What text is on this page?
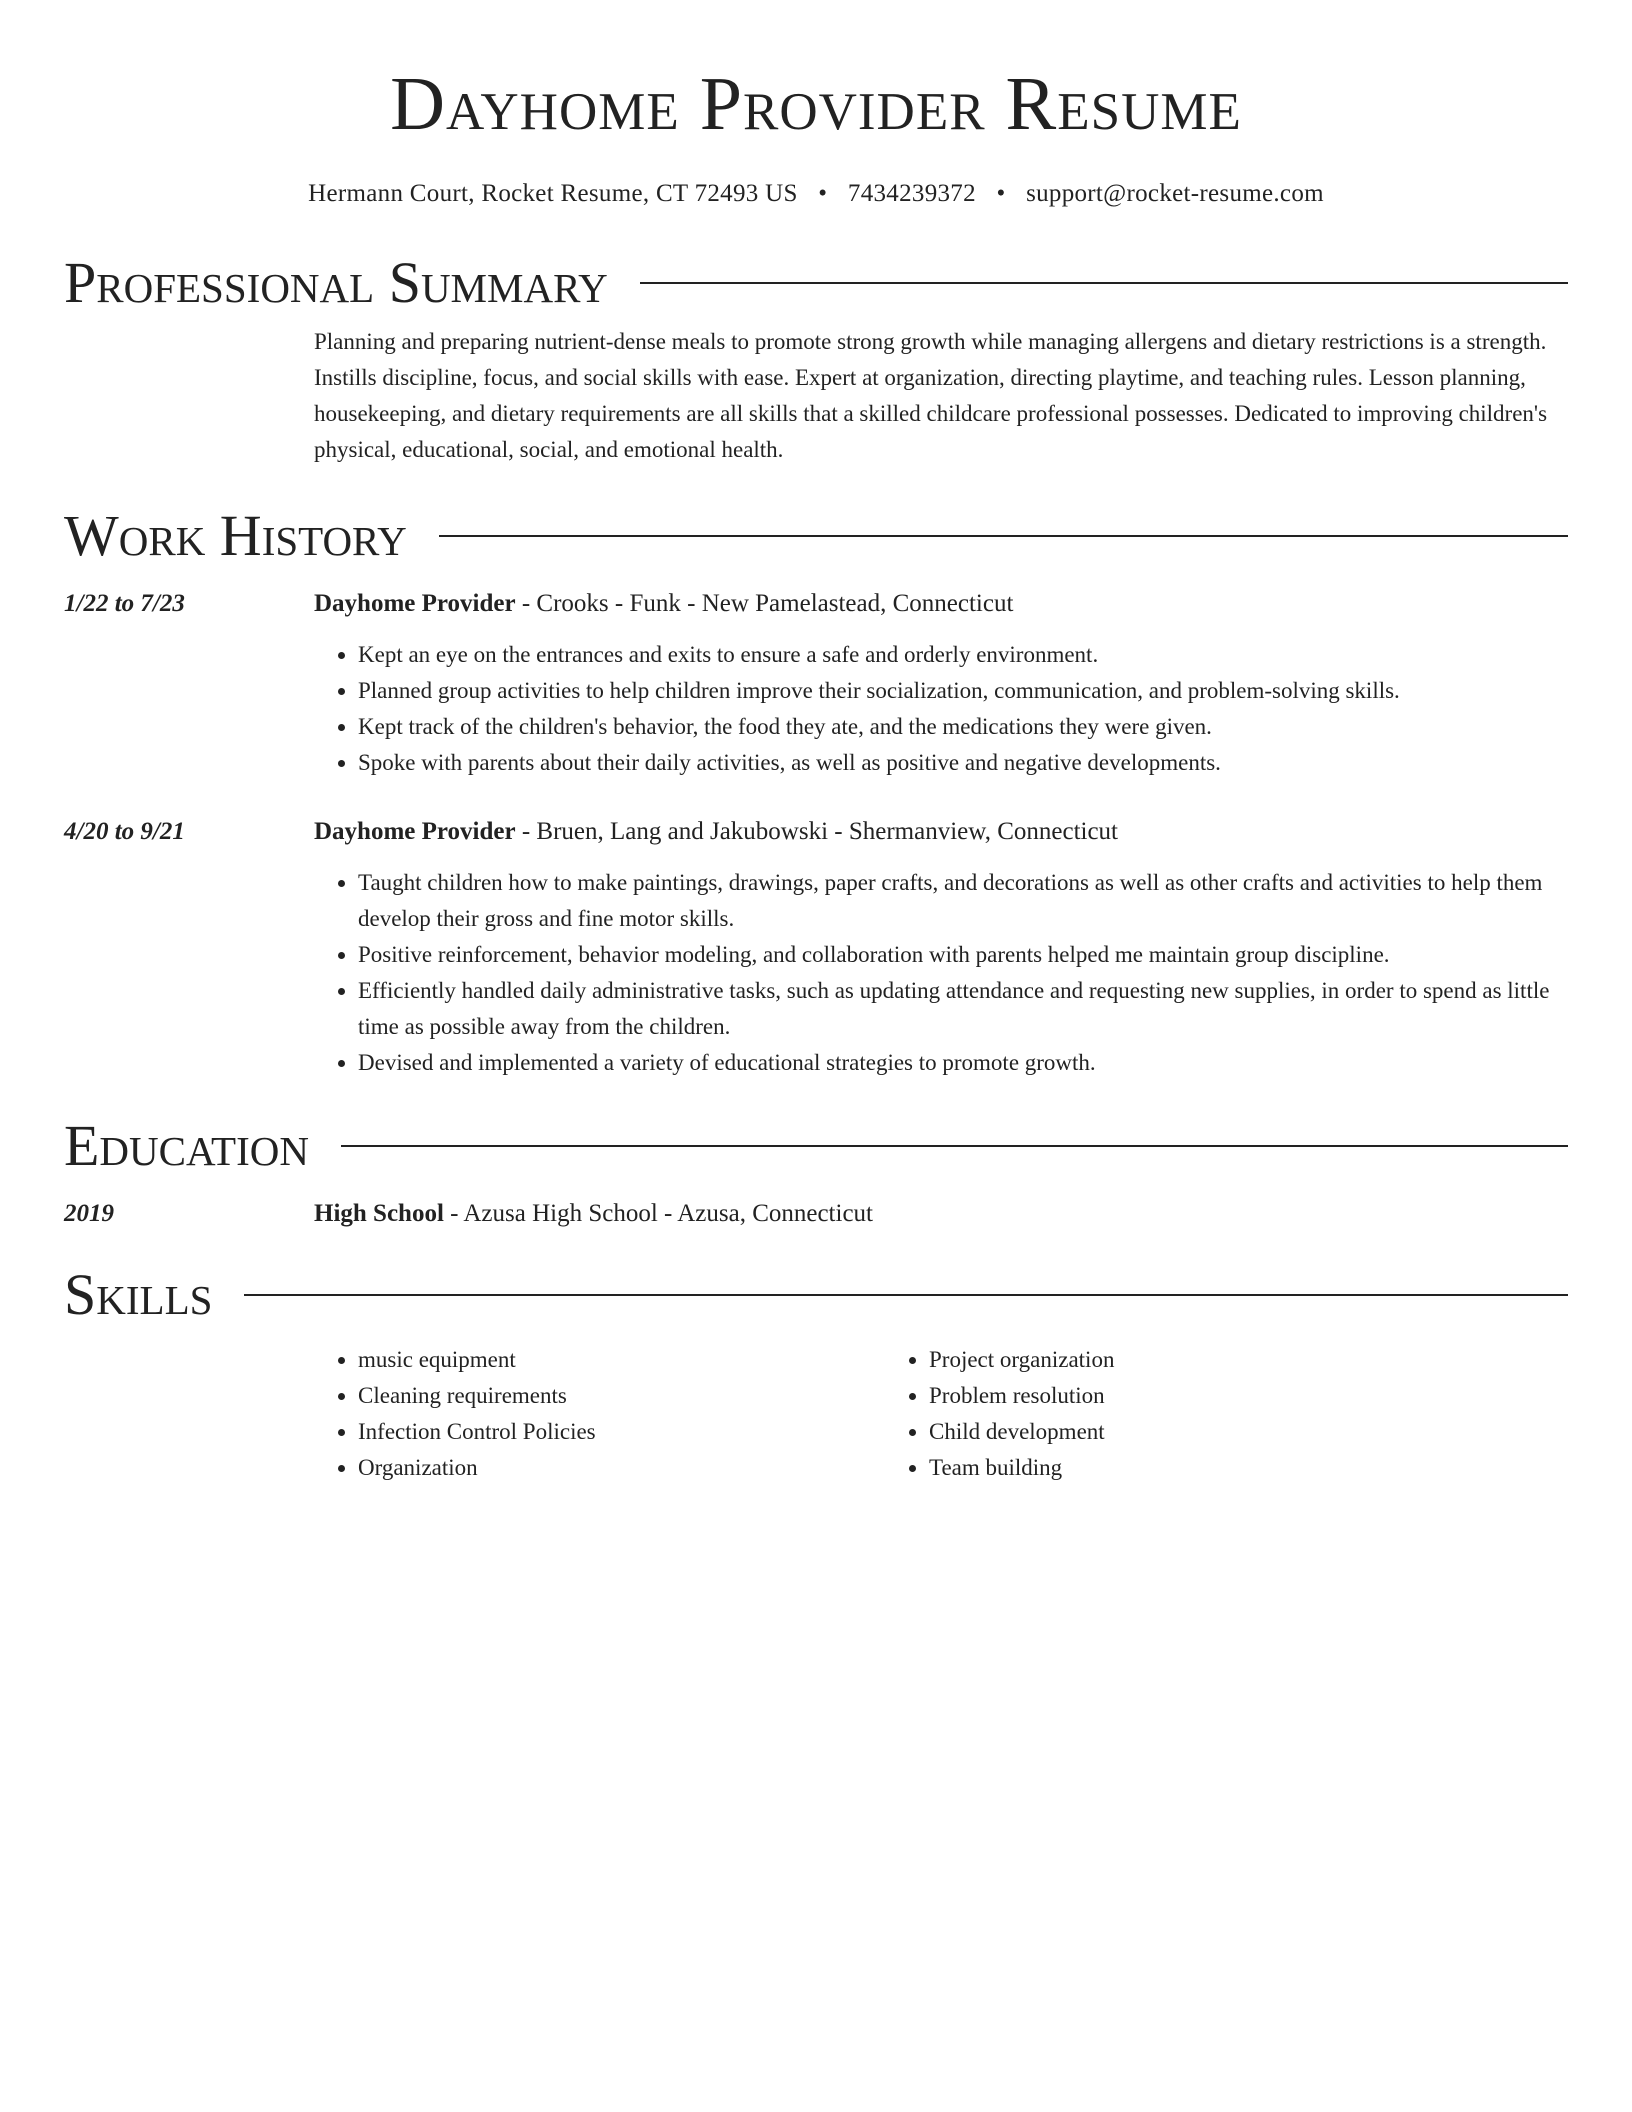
Dayhome Provider Resume
Hermann Court, Rocket Resume, CT 72493 US • 7434239372 • support@rocket-resume.com
Professional Summary

Planning and preparing nutrient-dense meals to promote strong growth while managing allergens and dietary restrictions is a strength. Instills discipline, focus, and social skills with ease. Expert at organization, directing playtime, and teaching rules. Lesson planning, housekeeping, and dietary requirements are all skills that a skilled childcare professional possesses. Dedicated to improving children's physical, educational, social, and emotional health.

Work History
1/22 to 7/23	Dayhome Provider - Crooks - Funk - New Pamelastead, Connecticut
• Kept an eye on the entrances and exits to ensure a safe and orderly environment.
• Planned group activities to help children improve their socialization, communication, and problem-solving skills.
• Kept track of the children's behavior, the food they ate, and the medications they were given.
• Spoke with parents about their daily activities, as well as positive and negative developments.
4/20 to 9/21	Dayhome Provider - Bruen, Lang and Jakubowski - Shermanview, Connecticut
• Taught children how to make paintings, drawings, paper crafts, and decorations as well as other crafts and activities to help them develop their gross and fine motor skills.
• Positive reinforcement, behavior modeling, and collaboration with parents helped me maintain group discipline.
• Efficiently handled daily administrative tasks, such as updating attendance and requesting new supplies, in order to spend as little time as possible away from the children.
• Devised and implemented a variety of educational strategies to promote growth.
Education
2019	High School - Azusa High School - Azusa, Connecticut
Skills
• music equipment
• Cleaning requirements
• Infection Control Policies
• Organization
• Project organization
• Problem resolution
• Child development
• Team building
